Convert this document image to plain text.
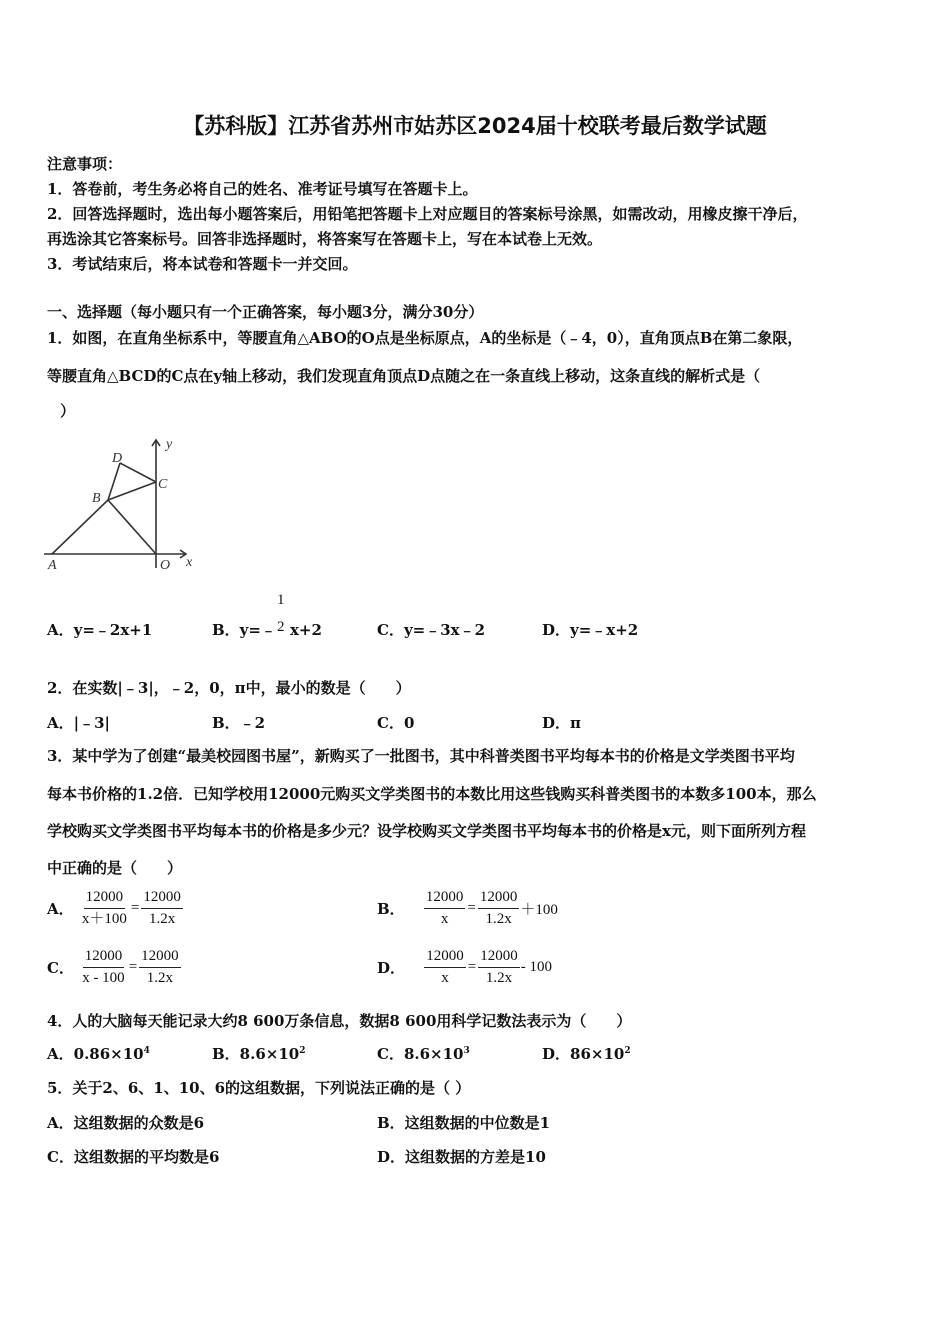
【苏科版】江苏省苏州市姑苏区2024届十校联考最后数学试题
注意事项：
1．答卷前，考生务必将自己的姓名、准考证号填写在答题卡上。
2．回答选择题时，选出每小题答案后，用铅笔把答题卡上对应题目的答案标号涂黑，如需改动，用橡皮擦干净后，
再选涂其它答案标号。回答非选择题时，将答案写在答题卡上，写在本试卷上无效。
3．考试结束后，将本试卷和答题卡一并交回。
一、选择题（每小题只有一个正确答案，每小题3分，满分30分）
1．如图，在直角坐标系中，等腰直角△ABO的O点是坐标原点，A的坐标是（﹣4，0），直角顶点B在第二象限，
等腰直角△BCD的C点在y轴上移动，我们发现直角顶点D点随之在一条直线上移动，这条直线的解析式是（
）
y
x
D
C
B
A	O
A．y=﹣2x+1	B．y=﹣ x+2
1
2	C．y=﹣3x﹣2	D．y=﹣x+2
2．在实数|﹣3|，﹣2，0，π中，最小的数是（　　）
A．|﹣3|	B．﹣2	C．0	D．π
3．某中学为了创建“最美校园图书屋”，新购买了一批图书，其中科普类图书平均每本书的价格是文学类图书平均
每本书价格的1.2倍．已知学校用12000元购买文学类图书的本数比用这些钱购买科普类图书的本数多100本，那么
学校购买文学类图书平均每本书的价格是多少元？设学校购买文学类图书平均每本书的价格是x元，则下面所列方程
中正确的是（　　）
A． $\frac{12000}{x+100} = \frac{12000}{1.2x}$	B． $\frac{12000}{x} = \frac{12000}{1.2x} +100$
C． $\frac{12000}{x - 100} = \frac{12000}{1.2x}$	D． $\frac{12000}{x} = \frac{12000}{1.2x} - 100$
4．人的大脑每天能记录大约8 600万条信息，数据8 600用科学记数法表示为（　　）
A．$0.86\times 10^4$	B．$8.6\times 10^2$	C．$8.6\times 10^3$	D．$86\times 10^2$
5．关于2、6、1、10、6的这组数据，下列说法正确的是（ ）
A．这组数据的众数是6	B．这组数据的中位数是1
C．这组数据的平均数是6	D．这组数据的方差是10
